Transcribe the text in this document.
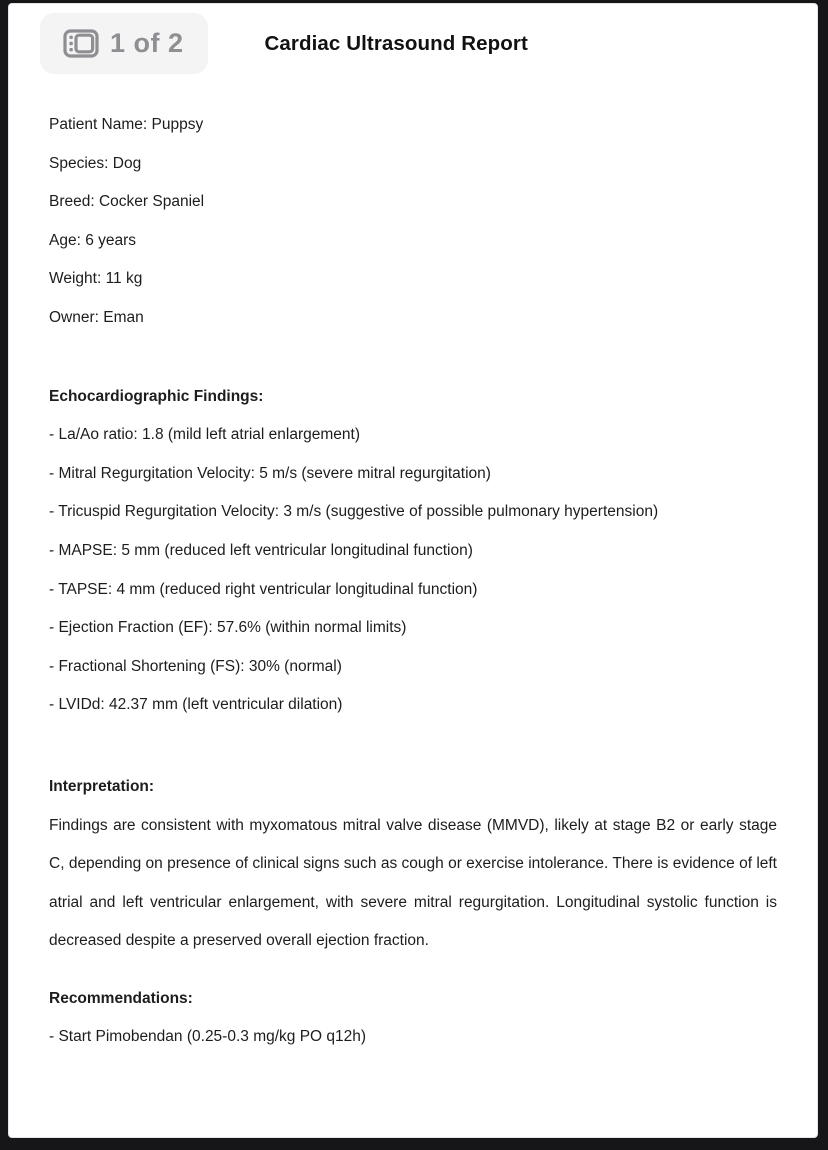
1 of 2	Cardiac Ultrasound Report

Patient Name: Puppsy

Species: Dog

Breed: Cocker Spaniel

Age: 6 years

Weight: 11 kg

Owner: Eman

Echocardiographic Findings:

- La/Ao ratio: 1.8 (mild left atrial enlargement)

- Mitral Regurgitation Velocity: 5 m/s (severe mitral regurgitation)

- Tricuspid Regurgitation Velocity: 3 m/s (suggestive of possible pulmonary hypertension)

- MAPSE: 5 mm (reduced left ventricular longitudinal function)

- TAPSE: 4 mm (reduced right ventricular longitudinal function)

- Ejection Fraction (EF): 57.6% (within normal limits)

- Fractional Shortening (FS): 30% (normal)

- LVIDd: 42.37 mm (left ventricular dilation)

Interpretation:

Findings are consistent with myxomatous mitral valve disease (MMVD), likely at stage B2 or early stage C, depending on presence of clinical signs such as cough or exercise intolerance. There is evidence of left atrial and left ventricular enlargement, with severe mitral regurgitation. Longitudinal systolic function is decreased despite a preserved overall ejection fraction.

Recommendations:

- Start Pimobendan (0.25-0.3 mg/kg PO q12h)
